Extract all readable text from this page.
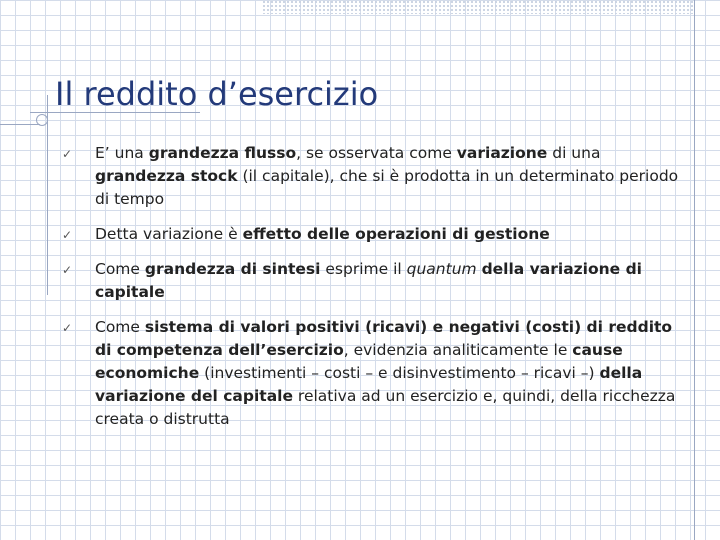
Il reddito d’esercizio
✓ E’ una grandezza flusso, se osservata come variazione di una grandezza stock (il capitale), che si è prodotta in un determinato periodo di tempo
✓ Detta variazione è effetto delle operazioni di gestione
✓ Come grandezza di sintesi esprime il quantum della variazione di capitale
✓ Come sistema di valori positivi (ricavi) e negativi (costi) di reddito di competenza dell’esercizio, evidenzia analiticamente le cause economiche (investimenti – costi – e disinvestimento – ricavi –) della variazione del capitale relativa ad un esercizio e, quindi, della ricchezza creata o distrutta
